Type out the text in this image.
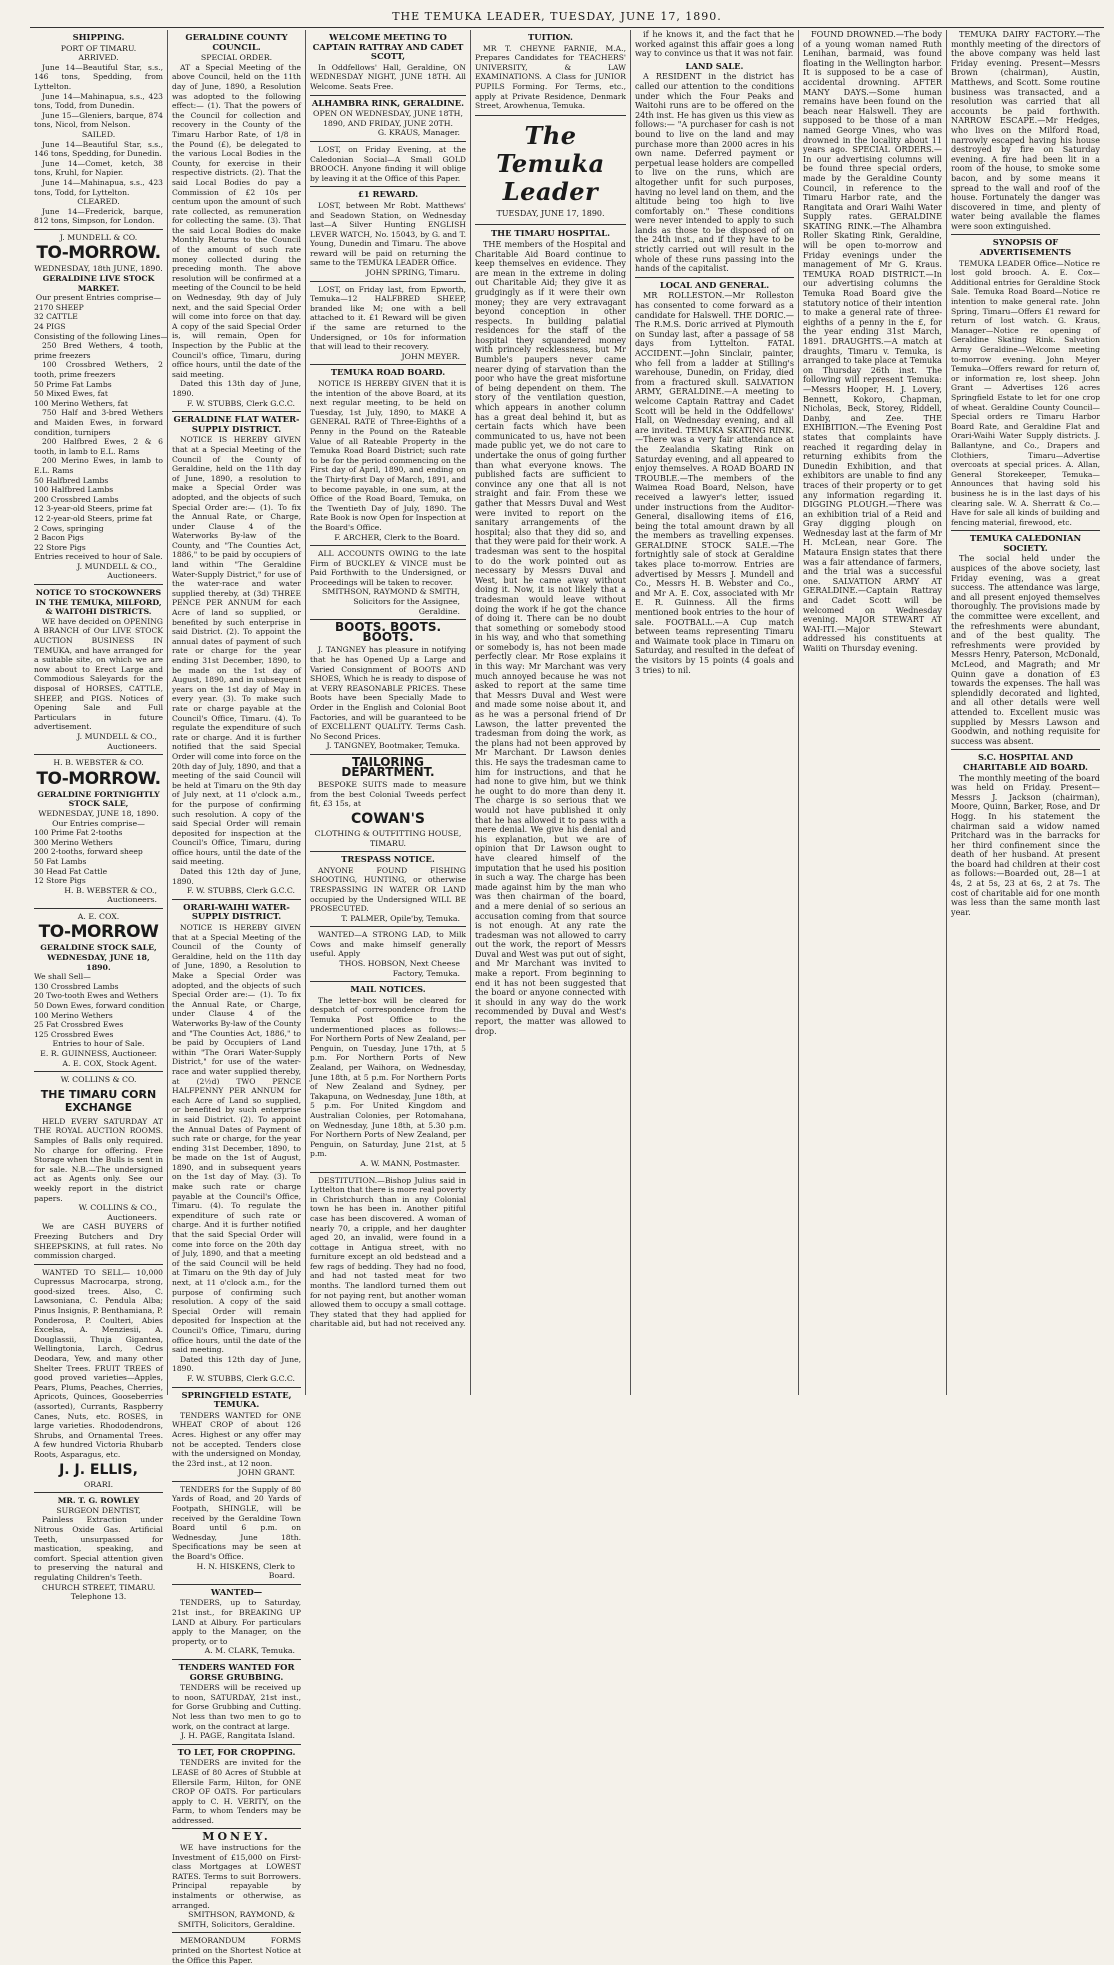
THE TEMUKA LEADER, TUESDAY, JUNE 17, 1890.
SHIPPING.
PORT OF TIMARU.
ARRIVED.
June 14—Beautiful Star, s.s., 146 tons, Spedding, from Lyttelton.
June 14—Mahinapua, s.s., 423 tons, Todd, from Dunedin.
June 15—Gleniers, barque, 874 tons, Nicol, from Nelson.
SAILED.
June 14—Beautiful Star, s.s., 146 tons, Spedding, for Dunedin.
June 14—Comet, ketch, 38 tons, Kruhl, for Napier.
June 14—Mahinapua, s.s., 423 tons, Todd, for Lyttelton.
CLEARED.
June 14—Frederick, barque, 812 tons, Simpson, for London.
J. MUNDELL & CO.
TO-MORROW.
WEDNESDAY, 18th JUNE, 1890.
GERALDINE LIVE STOCK MARKET.
Our present Entries comprise—
2170 SHEEP
32 CATTLE
24 PIGS
Consisting of the following Lines—
250 Bred Wethers, 4 tooth, prime freezers
100 Crossbred Wethers, 2 tooth, prime freezers
50 Prime Fat Lambs
50 Mixed Ewes, fat
100 Merino Wethers, fat
750 Half and 3-bred Wethers and Maiden Ewes, in forward condition, turnipers
200 Halfbred Ewes, 2 & 6 tooth, in lamb to E.L. Rams
200 Merino Ewes, in lamb to E.L. Rams
50 Halfbred Lambs
100 Halfbred Lambs
200 Crossbred Lambs
12 3-year-old Steers, prime fat
12 2-year-old Steers, prime fat
2 Cows, springing
2 Bacon Pigs
22 Store Pigs
Entries received to hour of Sale.
J. MUNDELL & CO., Auctioneers.
NOTICE TO STOCKOWNERS IN THE TEMUKA, MILFORD, & WAITOHI DISTRICTS.
WE have decided on OPENING A BRANCH of Our LIVE STOCK AUCTION BUSINESS IN TEMUKA, and have arranged for a suitable site, on which we are now about to Erect Large and Commodious Saleyards for the disposal of HORSES, CATTLE, SHEEP, and PIGS. Notices of Opening Sale and Full Particulars in future advertisement.
J. MUNDELL & CO., Auctioneers.
H. B. WEBSTER & CO.
TO-MORROW.
GERALDINE FORTNIGHTLY STOCK SALE,
WEDNESDAY, JUNE 18, 1890.
Our Entries comprise—
100 Prime Fat 2-tooths
300 Merino Wethers
200 2-tooths, forward sheep
50 Fat Lambs
30 Head Fat Cattle
12 Store Pigs
H. B. WEBSTER & CO., Auctioneers.
A. E. COX.
TO-MORROW
GERALDINE STOCK SALE, WEDNESDAY, JUNE 18, 1890.
We shall Sell—
130 Crossbred Lambs
20 Two-tooth Ewes and Wethers
50 Down Ewes, forward condition
100 Merino Wethers
25 Fat Crossbred Ewes
125 Crossbred Ewes
Entries to hour of Sale.
E. R. GUINNESS, Auctioneer. A. E. COX, Stock Agent.
W. COLLINS & CO.
THE TIMARU CORN EXCHANGE
HELD EVERY SATURDAY AT THE ROYAL AUCTION ROOMS. Samples of Balls only required. No charge for offering. Free Storage when the Bulls is sent in for sale. N.B.—The undersigned act as Agents only. See our weekly report in the district papers.
W. COLLINS & CO., Auctioneers.
We are CASH BUYERS of Freezing Butchers and Dry SHEEPSKINS, at full rates. No commission charged.
WANTED TO SELL— 10,000 Cupressus Macrocarpa, strong, good-sized trees. Also, C. Lawsoniana, C. Pendula Alba; Pinus Insignis, P. Benthamiana, P. Ponderosa, P. Coulteri, Abies Excelsa, A. Menziesii, A. Douglassii, Thuja Gigantea, Wellingtonia, Larch, Cedrus Deodara, Yew, and many other Shelter Trees. FRUIT TREES of good proved varieties—Apples, Pears, Plums, Peaches, Cherries, Apricots, Quinces, Gooseberries (assorted), Currants, Raspberry Canes, Nuts, etc. ROSES, in large varieties. Rhododendrons, Shrubs, and Ornamental Trees. A few hundred Victoria Rhubarb Roots, Asparagus, etc.
J. J. ELLIS,
ORARI.
MR. T. G. ROWLEY
SURGEON DENTIST,
Painless Extraction under Nitrous Oxide Gas. Artificial Teeth, unsurpassed for mastication, speaking, and comfort. Special attention given to preserving the natural and regulating Children's Teeth.
CHURCH STREET, TIMARU.
Telephone 13.
GERALDINE COUNTY COUNCIL.
SPECIAL ORDER.
AT a Special Meeting of the above Council, held on the 11th day of June, 1890, a Resolution was adopted to the following effect:— (1). That the powers of the Council for collection and recovery in the County of the Timaru Harbor Rate, of 1/8 in the Pound (£), be delegated to the various Local Bodies in the County, for exercise in their respective districts. (2). That the said Local Bodies do pay a Commission of £2 10s per centum upon the amount of such rate collected, as remuneration for collecting the same. (3). That the said Local Bodies do make Monthly Returns to the Council of the amount of such rate money collected during the preceding month. The above resolution will be confirmed at a meeting of the Council to be held on Wednesday, 9th day of July next, and the said Special Order will come into force on that day. A copy of the said Special Order is, will remain, Open for Inspection by the Public at the Council's office, Timaru, during office hours, until the date of the said meeting.
Dated this 13th day of June, 1890.
F. W. STUBBS, Clerk G.C.C.
GERALDINE FLAT WATER-SUPPLY DISTRICT.
NOTICE IS HEREBY GIVEN that at a Special Meeting of the Council of the County of Geraldine, held on the 11th day of June, 1890, a resolution to make a Special Order was adopted, and the objects of such Special Order are:— (1). To fix the Annual Rate, or Charge, under Clause 4 of the Waterworks By-law of the County, and "The Counties Act, 1886," to be paid by occupiers of land within "The Geraldine Water-Supply District," for use of the water-race and water supplied thereby, at (3d) THREE PENCE PER ANNUM for each Acre of land so supplied, or benefited by such enterprise in said District. (2). To appoint the annual dates of payment of such rate or charge for the year ending 31st December, 1890, to be made on the 1st day of August, 1890, and in subsequent years on the 1st day of May in every year. (3). To make such rate or charge payable at the Council's Office, Timaru. (4). To regulate the expenditure of such rate or charge. And it is further notified that the said Special Order will come into force on the 20th day of July, 1890, and that a meeting of the said Council will be held at Timaru on the 9th day of July next, at 11 o'clock a.m., for the purpose of confirming such resolution. A copy of the said Special Order will remain deposited for inspection at the Council's Office, Timaru, during office hours, until the date of the said meeting.
Dated this 12th day of June, 1890.
F. W. STUBBS, Clerk G.C.C.
ORARI-WAIHI WATER-SUPPLY DISTRICT.
NOTICE IS HEREBY GIVEN that at a Special Meeting of the Council of the County of Geraldine, held on the 11th day of June, 1890, a Resolution to Make a Special Order was adopted, and the objects of such Special Order are:— (1). To fix the Annual Rate, or Charge, under Clause 4 of the Waterworks By-law of the County and "The Counties Act, 1886," to be paid by Occupiers of Land within "The Orari Water-Supply District," for use of the water-race and water supplied thereby, at (2½d) TWO PENCE HALFPENNY PER ANNUM for each Acre of Land so supplied, or benefited by such enterprise in said District. (2). To appoint the Annual Dates of Payment of such rate or charge, for the year ending 31st December, 1890, to be made on the 1st of August, 1890, and in subsequent years on the 1st day of May. (3). To make such rate or charge payable at the Council's Office, Timaru. (4). To regulate the expenditure of such rate or charge. And it is further notified that the said Special Order will come into force on the 20th day of July, 1890, and that a meeting of the said Council will be held at Timaru on the 9th day of July next, at 11 o'clock a.m., for the purpose of confirming such resolution. A copy of the said Special Order will remain deposited for Inspection at the Council's Office, Timaru, during office hours, until the date of the said meeting.
Dated this 12th day of June, 1890.
F. W. STUBBS, Clerk G.C.C.
SPRINGFIELD ESTATE, TEMUKA.
TENDERS WANTED for ONE WHEAT CROP of about 126 Acres. Highest or any offer may not be accepted. Tenders close with the undersigned on Monday, the 23rd inst., at 12 noon.
JOHN GRANT.
TENDERS for the Supply of 80 Yards of Road, and 20 Yards of Footpath, SHINGLE, will be received by the Geraldine Town Board until 6 p.m. on Wednesday, June 18th. Specifications may be seen at the Board's Office.
H. N. HISKENS, Clerk to Board.
WANTED—
TENDERS, up to Saturday, 21st inst., for BREAKING UP LAND at Albury. For particulars apply to the Manager, on the property, or to
A. M. CLARK, Temuka.
TENDERS WANTED FOR GORSE GRUBBING.
TENDERS will be received up to noon, SATURDAY, 21st inst., for Gorse Grubbing and Cutting. Not less than two men to go to work, on the contract at large.
J. H. PAGE, Rangitata Island.
TO LET, FOR CROPPING.
TENDERS are invited for the LEASE of 80 Acres of Stubble at Ellersile Farm, Hilton, for ONE CROP OF OATS. For particulars apply to C. H. VERITY, on the Farm, to whom Tenders may be addressed.
MONEY.
WE have instructions for the Investment of £15,000 on First-class Mortgages at LOWEST RATES. Terms to suit Borrowers. Principal repayable by instalments or otherwise, as arranged.
SMITHSON, RAYMOND, & SMITH, Solicitors, Geraldine.
MEMORANDUM FORMS printed on the Shortest Notice at the Office this Paper.
WELCOME MEETING TO CAPTAIN RATTRAY AND CADET SCOTT,
In Oddfellows' Hall, Geraldine, ON WEDNESDAY NIGHT, JUNE 18TH. All Welcome. Seats Free.
ALHAMBRA RINK, GERALDINE.
OPEN ON WEDNESDAY, JUNE 18TH, 1890, AND FRIDAY, JUNE 20TH.
G. KRAUS, Manager.
LOST, on Friday Evening, at the Caledonian Social—A Small GOLD BROOCH. Anyone finding it will oblige by leaving it at the Office of this Paper.
£1 REWARD.
LOST, between Mr Robt. Matthews' and Seadown Station, on Wednesday last—A Silver Hunting ENGLISH LEVER WATCH, No. 15043, by G. and T. Young, Dunedin and Timaru. The above reward will be paid on returning the same to the TEMUKA LEADER Office.
JOHN SPRING, Timaru.
LOST, on Friday last, from Epworth, Temuka—12 HALFBRED SHEEP, branded like M; one with a bell attached to it. £1 Reward will be given if the same are returned to the Undersigned, or 10s for information that will lead to their recovery.
JOHN MEYER.
TEMUKA ROAD BOARD.
NOTICE IS HEREBY GIVEN that it is the intention of the above Board, at its next regular meeting, to be held on Tuesday, 1st July, 1890, to MAKE A GENERAL RATE of Three-Eighths of a Penny in the Pound on the Rateable Value of all Rateable Property in the Temuka Road Board District; such rate to be for the period commencing on the First day of April, 1890, and ending on the Thirty-first Day of March, 1891, and to become payable, in one sum, at the Office of the Road Board, Temuka, on the Twentieth Day of July, 1890. The Rate Book is now Open for Inspection at the Board's Office.
F. ARCHER, Clerk to the Board.
ALL ACCOUNTS OWING to the late Firm of BUCKLEY & VINCE must be Paid Forthwith to the Undersigned, or Proceedings will be taken to recover.
SMITHSON, RAYMOND & SMITH, Solicitors for the Assignee, Geraldine.
BOOTS. BOOTS. BOOTS.
J. TANGNEY has pleasure in notifying that he has Opened Up a Large and Varied Consignment of BOOTS AND SHOES, Which he is ready to dispose of at VERY REASONABLE PRICES. These Boots have been Specially Made to Order in the English and Colonial Boot Factories, and will be guaranteed to be of EXCELLENT QUALITY. Terms Cash. No Second Prices.
J. TANGNEY, Bootmaker, Temuka.
TAILORING DEPARTMENT.
BESPOKE SUITS made to measure from the best Colonial Tweeds perfect fit, £3 15s, at
COWAN'S
CLOTHING & OUTFITTING HOUSE, TIMARU.
TRESPASS NOTICE.
ANYONE FOUND FISHING SHOOTING, HUNTING, or otherwise TRESPASSING IN WATER OR LAND occupied by the Undersigned WILL BE PROSECUTED.
T. PALMER, Opile'by, Temuka.
WANTED—A STRONG LAD, to Milk Cows and make himself generally useful. Apply
THOS. HOBSON, Next Cheese Factory, Temuka.
MAIL NOTICES.
The letter-box will be cleared for despatch of correspondence from the Temuka Post Office to the undermentioned places as follows:— For Northern Ports of New Zealand, per Penguin, on Tuesday, June 17th, at 5 p.m. For Northern Ports of New Zealand, per Waihora, on Wednesday, June 18th, at 5 p.m. For Northern Ports of New Zealand and Sydney, per Takapuna, on Wednesday, June 18th, at 5 p.m. For United Kingdom and Australian Colonies, per Rotomahana, on Wednesday, June 18th, at 5.30 p.m. For Northern Ports of New Zealand, per Penguin, on Saturday, June 21st, at 5 p.m.
A. W. MANN, Postmaster.
DESTITUTION.—Bishop Julius said in Lyttelton that there is more real poverty in Christchurch than in any Colonial town he has been in. Another pitiful case has been discovered. A woman of nearly 70, a cripple, and her daughter aged 20, an invalid, were found in a cottage in Antigua street, with no furniture except an old bedstead and a few rags of bedding. They had no food, and had not tasted meat for two months. The landlord turned them out for not paying rent, but another woman allowed them to occupy a small cottage. They stated that they had applied for charitable aid, but had not received any.
TUITION.
MR T. CHEYNE FARNIE, M.A., Prepares Candidates for TEACHERS' UNIVERSITY, & LAW EXAMINATIONS. A Class for JUNIOR PUPILS Forming. For Terms, etc., apply at Private Residence, Denmark Street, Arowhenua, Temuka.
The Temuka Leader
TUESDAY, JUNE 17, 1890.
THE TIMARU HOSPITAL.
THE members of the Hospital and Charitable Aid Board continue to keep themselves en evidence. They are mean in the extreme in doling out Charitable Aid; they give it as grudgingly as if it were their own money; they are very extravagant beyond conception in other respects. In building palatial residences for the staff of the hospital they squandered money with princely recklessness, but Mr Bumble's paupers never came nearer dying of starvation than the poor who have the great misfortune of being dependent on them. The story of the ventilation question, which appears in another column has a great deal behind it, but as certain facts which have been communicated to us, have not been made public yet, we do not care to undertake the onus of going further than what everyone knows. The published facts are sufficient to convince any one that all is not straight and fair. From these we gather that Messrs Duval and West were invited to report on the sanitary arrangements of the hospital; also that they did so, and that they were paid for their work. A tradesman was sent to the hospital to do the work pointed out as necessary by Messrs Duval and West, but he came away without doing it. Now, it is not likely that a tradesman would leave without doing the work if he got the chance of doing it. There can be no doubt that something or somebody stood in his way, and who that something or somebody is, has not been made perfectly clear. Mr Rose explains it in this way: Mr Marchant was very much annoyed because he was not asked to report at the same time that Messrs Duval and West were and made some noise about it, and as he was a personal friend of Dr Lawson, the latter prevented the tradesman from doing the work, as the plans had not been approved by Mr Marchant. Dr Lawson denies this. He says the tradesman came to him for instructions, and that he had none to give him, but we think he ought to do more than deny it. The charge is so serious that we would not have published it only that he has allowed it to pass with a mere denial. We give his denial and his explanation, but we are of opinion that Dr Lawson ought to have cleared himself of the imputation that he used his position in such a way. The charge has been made against him by the man who was then chairman of the board, and a mere denial of so serious an accusation coming from that source is not enough. At any rate the tradesman was not allowed to carry out the work, the report of Messrs Duval and West was put out of sight, and Mr Marchant was invited to make a report. From beginning to end it has not been suggested that the board or anyone connected with it should in any way do the work recommended by Duval and West's report, the matter was allowed to drop.
if he knows it, and the fact that he worked against this affair goes a long way to convince us that it was not fair.
LAND SALE.
A RESIDENT in the district has called our attention to the conditions under which the Four Peaks and Waitohi runs are to be offered on the 24th inst. He has given us this view as follows:— "A purchaser for cash is not bound to live on the land and may purchase more than 2000 acres in his own name. Deferred payment or perpetual lease holders are compelled to live on the runs, which are altogether unfit for such purposes, having no level land on them, and the altitude being too high to live comfortably on." These conditions were never intended to apply to such lands as those to be disposed of on the 24th inst., and if they have to be strictly carried out will result in the whole of these runs passing into the hands of the capitalist.
LOCAL AND GENERAL.
MR ROLLESTON.—Mr Rolleston has consented to come forward as a candidate for Halswell. THE DORIC.—The R.M.S. Doric arrived at Plymouth on Sunday last, after a passage of 58 days from Lyttelton. FATAL ACCIDENT.—John Sinclair, painter, who fell from a ladder at Stilling's warehouse, Dunedin, on Friday, died from a fractured skull. SALVATION ARMY, GERALDINE.—A meeting to welcome Captain Rattray and Cadet Scott will be held in the Oddfellows' Hall, on Wednesday evening, and all are invited. TEMUKA SKATING RINK.—There was a very fair attendance at the Zealandia Skating Rink on Saturday evening, and all appeared to enjoy themselves. A ROAD BOARD IN TROUBLE.—The members of the Waimea Road Board, Nelson, have received a lawyer's letter, issued under instructions from the Auditor-General, disallowing items of £16, being the total amount drawn by all the members as travelling expenses. GERALDINE STOCK SALE.—The fortnightly sale of stock at Geraldine takes place to-morrow. Entries are advertised by Messrs J. Mundell and Co., Messrs H. B. Webster and Co., and Mr A. E. Cox, associated with Mr E. R. Guinness. All the firms mentioned book entries to the hour of sale. FOOTBALL.—A Cup match between teams representing Timaru and Waimate took place in Timaru on Saturday, and resulted in the defeat of the visitors by 15 points (4 goals and 3 tries) to nil.
FOUND DROWNED.—The body of a young woman named Ruth Lenihan, barmaid, was found floating in the Wellington harbor. It is supposed to be a case of accidental drowning. AFTER MANY DAYS.—Some human remains have been found on the beach near Halswell. They are supposed to be those of a man named George Vines, who was drowned in the locality about 11 years ago. SPECIAL ORDERS.—In our advertising columns will be found three special orders, made by the Geraldine County Council, in reference to the Timaru Harbor rate, and the Rangitata and Orari Waihi Water Supply rates. GERALDINE SKATING RINK.—The Alhambra Roller Skating Rink, Geraldine, will be open to-morrow and Friday evenings under the management of Mr G. Kraus. TEMUKA ROAD DISTRICT.—In our advertising columns the Temuka Road Board give the statutory notice of their intention to make a general rate of three-eighths of a penny in the £, for the year ending 31st March, 1891. DRAUGHTS.—A match at draughts, Timaru v. Temuka, is arranged to take place at Temuka on Thursday 26th inst. The following will represent Temuka:—Messrs Hooper, H. J. Lovery, Bennett, Kokoro, Chapman, Nicholas, Beck, Storey, Riddell, Danby, and Zee. THE EXHIBITION.—The Evening Post states that complaints have reached it regarding delay in returning exhibits from the Dunedin Exhibition, and that exhibitors are unable to find any traces of their property or to get any information regarding it. DIGGING PLOUGH.—There was an exhibition trial of a Reid and Gray digging plough on Wednesday last at the farm of Mr H. McLean, near Gore. The Mataura Ensign states that there was a fair attendance of farmers, and the trial was a successful one. SALVATION ARMY AT GERALDINE.—Captain Rattray and Cadet Scott will be welcomed on Wednesday evening. MAJOR STEWART AT WAI-ITI.—Major Stewart addressed his constituents at Waiiti on Thursday evening.
TEMUKA DAIRY FACTORY.—The monthly meeting of the directors of the above company was held last Friday evening. Present—Messrs Brown (chairman), Austin, Matthews, and Scott. Some routine business was transacted, and a resolution was carried that all accounts be paid forthwith. NARROW ESCAPE.—Mr Hedges, who lives on the Milford Road, narrowly escaped having his house destroyed by fire on Saturday evening. A fire had been lit in a room of the house, to smoke some bacon, and by some means it spread to the wall and roof of the house. Fortunately the danger was discovered in time, and plenty of water being available the flames were soon extinguished.
SYNOPSIS OF ADVERTISEMENTS
TEMUKA LEADER Office—Notice re lost gold brooch. A. E. Cox—Additional entries for Geraldine Stock Sale. Temuka Road Board—Notice re intention to make general rate. John Spring, Timaru—Offers £1 reward for return of lost watch. G. Kraus, Manager—Notice re opening of Geraldine Skating Rink. Salvation Army Geraldine—Welcome meeting to-morrow evening. John Meyer Temuka—Offers reward for return of, or information re, lost sheep. John Grant — Advertises 126 acres Springfield Estate to let for one crop of wheat. Geraldine County Council—Special orders re Timaru Harbor Board Rate, and Geraldine Flat and Orari-Waihi Water Supply districts. J. Ballantyne, and Co., Drapers and Clothiers, Timaru—Advertise overcoats at special prices. A. Allan, General Storekeeper, Temuka—Announces that having sold his business he is in the last days of his clearing sale. W. A. Sherratt & Co.—Have for sale all kinds of building and fencing material, firewood, etc.
TEMUKA CALEDONIAN SOCIETY.
The social held under the auspices of the above society, last Friday evening, was a great success. The attendance was large, and all present enjoyed themselves thoroughly. The provisions made by the committee were excellent, and the refreshments were abundant, and of the best quality. The refreshments were provided by Messrs Henry, Paterson, McDonald, McLeod, and Magrath; and Mr Quinn gave a donation of £3 towards the expenses. The hall was splendidly decorated and lighted, and all other details were well attended to. Excellent music was supplied by Messrs Lawson and Goodwin, and nothing requisite for success was absent.
S.C. HOSPITAL AND CHARITABLE AID BOARD.
The monthly meeting of the board was held on Friday. Present—Messrs J. Jackson (chairman), Moore, Quinn, Barker, Rose, and Dr Hogg. In his statement the chairman said a widow named Pritchard was in the barracks for her third confinement since the death of her husband. At present the board had children at their cost as follows:—Boarded out, 28—1 at 4s, 2 at 5s, 23 at 6s, 2 at 7s. The cost of charitable aid for one month was less than the same month last year.
